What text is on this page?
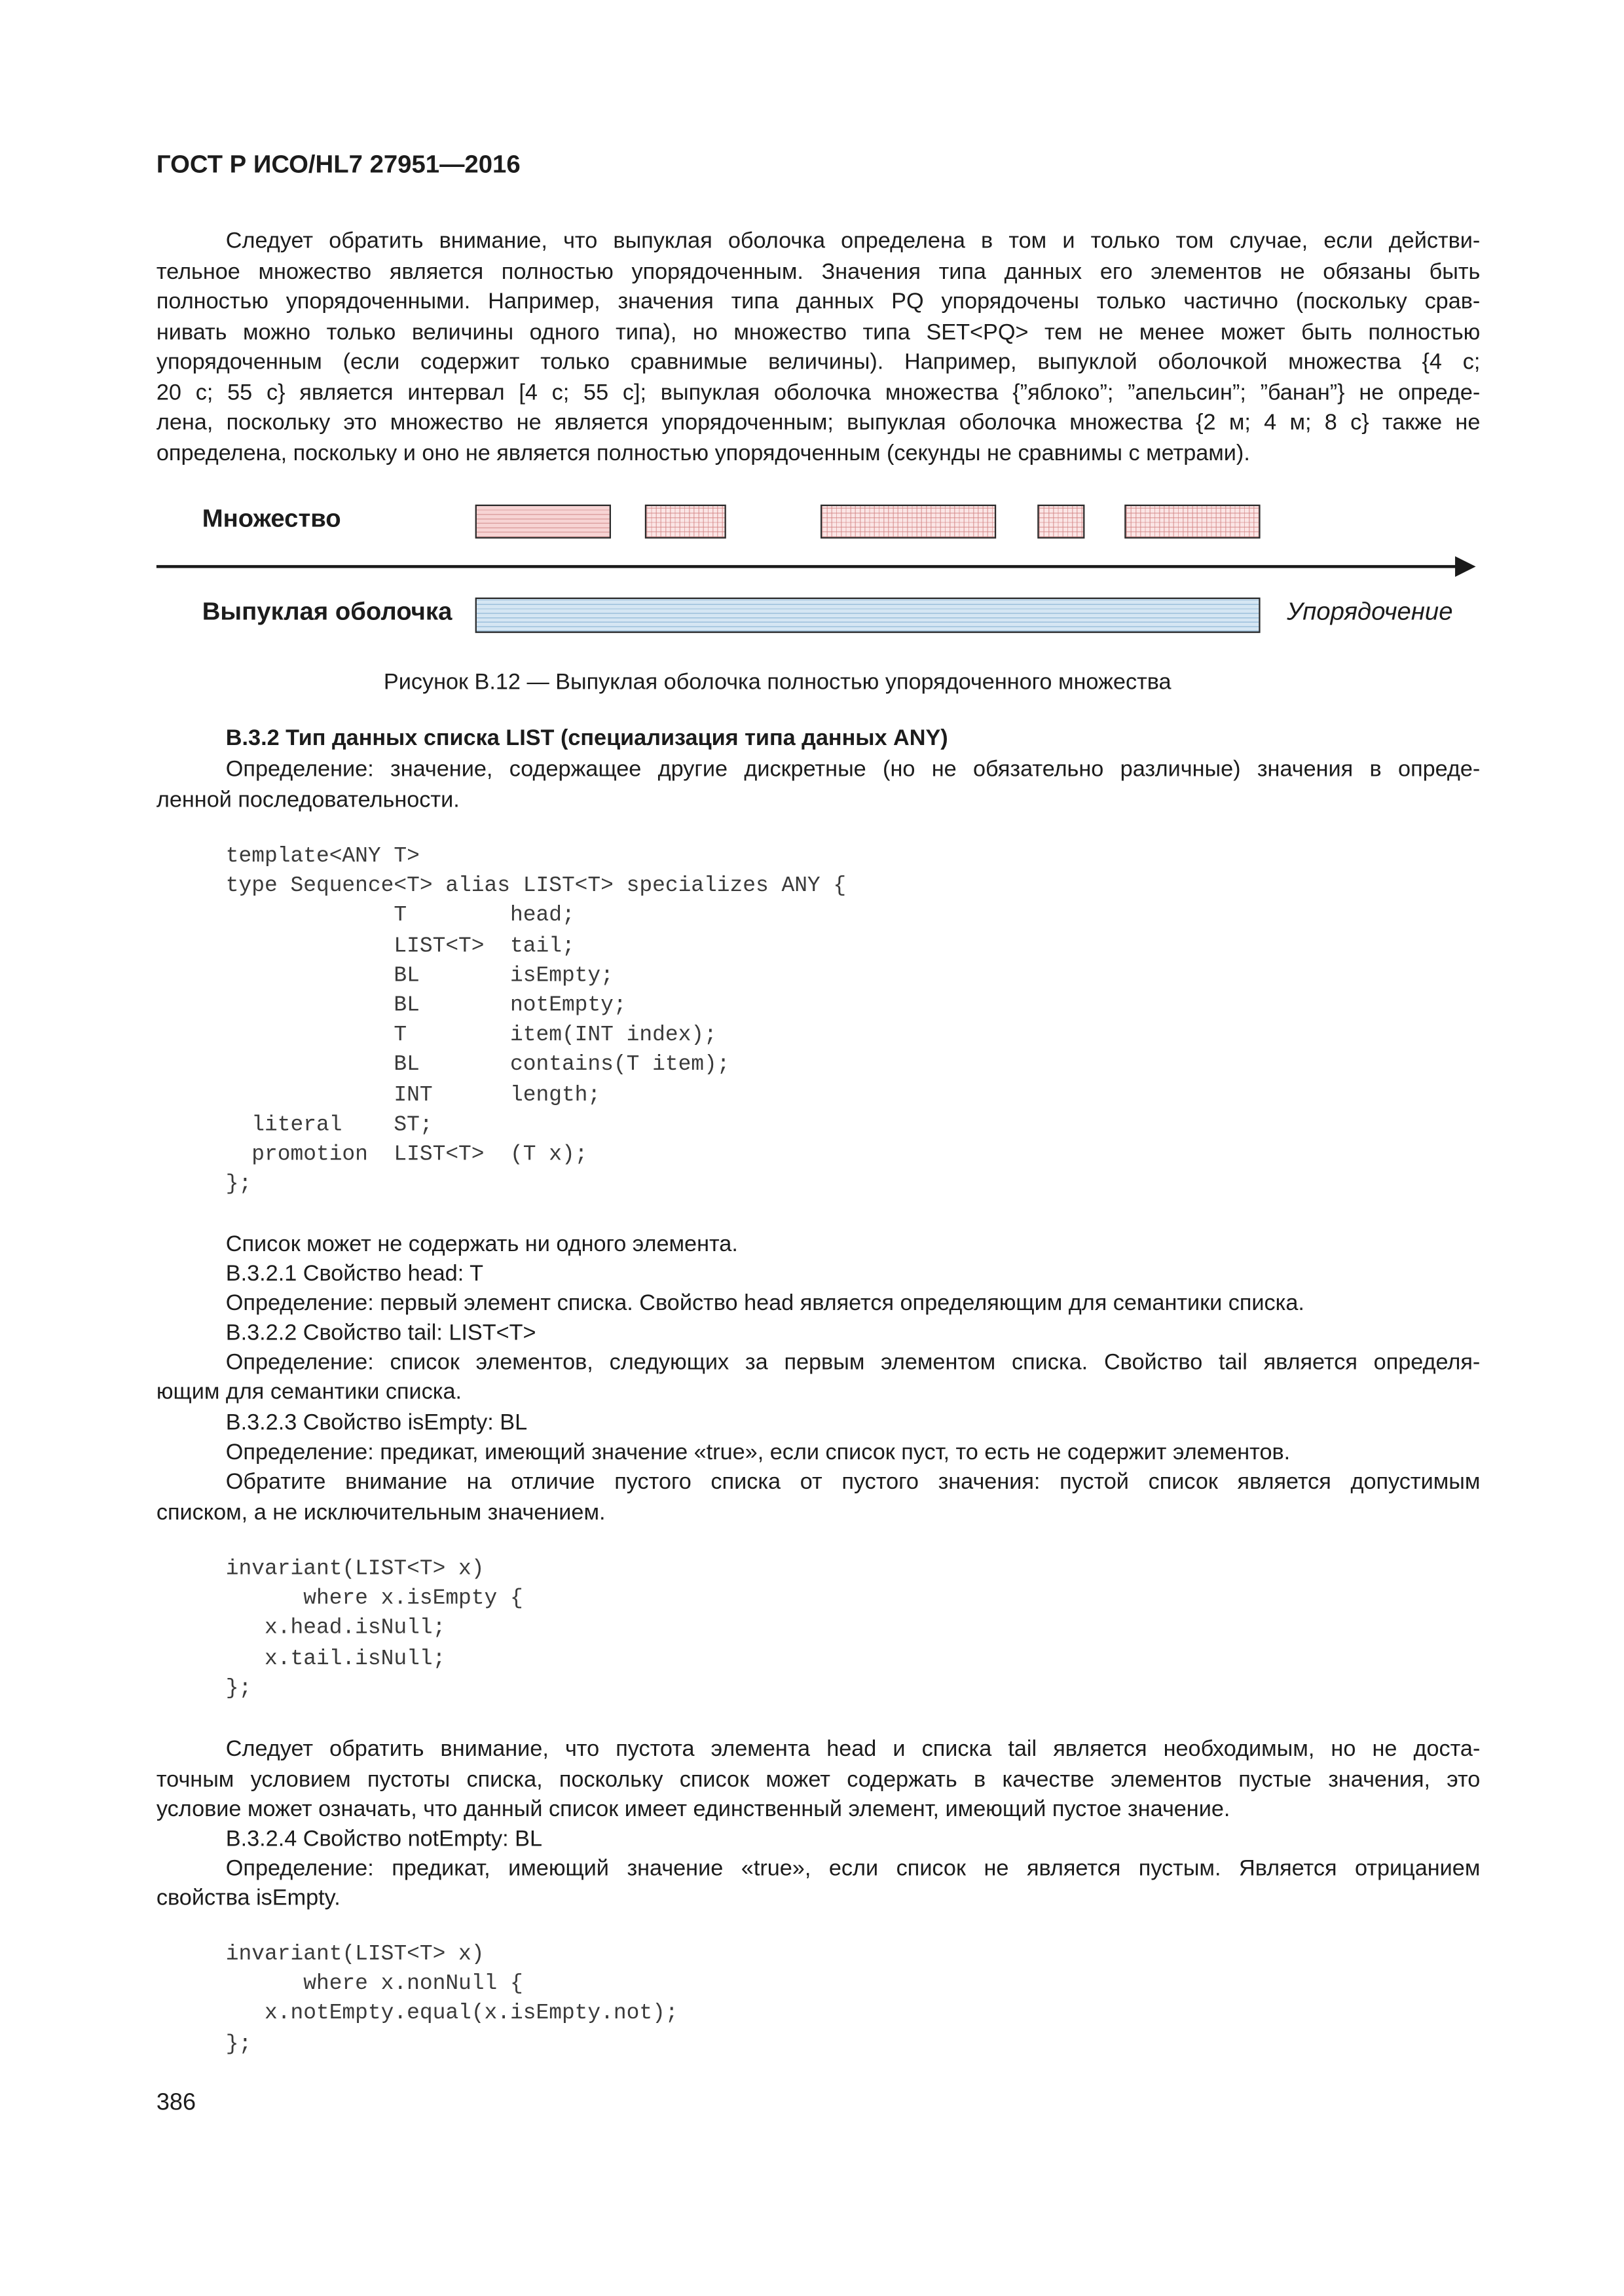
ГОСТ Р ИСО/HL7 27951—2016
Следует обратить внимание, что выпуклая оболочка определена в том и только том случае, если действи-
тельное множество является полностью упорядоченным. Значения типа данных его элементов не обязаны быть
полностью упорядоченными. Например, значения типа данных PQ упорядочены только частично (поскольку срав-
нивать можно только величины одного типа), но множество типа SET<PQ> тем не менее может быть полностью
упорядоченным (если содержит только сравнимые величины). Например, выпуклой оболочкой множества {4 c;
20 c; 55 c} является интервал [4 c; 55 c]; выпуклая оболочка множества {”яблоко”; ”апельсин”; ”банан”} не опреде-
лена, поскольку это множество не является упорядоченным; выпуклая оболочка множества {2 м; 4 м; 8 c} также не
определена, поскольку и оно не является полностью упорядоченным (секунды не сравнимы с метрами).
Множество
Выпуклая оболочка	Упорядочение
Рисунок В.12 — Выпуклая оболочка полностью упорядоченного множества
В.3.2 Тип данных списка LIST (специализация типа данных ANY)
Определение: значение, содержащее другие дискретные (но не обязательно различные) значения в опреде-
ленной последовательности.
template<ANY T>
type Sequence<T> alias LIST<T> specializes ANY {
T        head;
LIST<T>  tail;
BL       isEmpty;
BL       notEmpty;
T        item(INT index);
BL       contains(T item);
INT      length;
literal    ST;
promotion  LIST<T>  (T x);
};
Список может не содержать ни одного элемента.
В.3.2.1 Свойство head: T
Определение: первый элемент списка. Свойство head является определяющим для семантики списка.
В.3.2.2 Свойство tail: LIST<T>
Определение: список элементов, следующих за первым элементом списка. Свойство tail является определя-
ющим для семантики списка.
В.3.2.3 Свойство isEmpty: BL
Определение: предикат, имеющий значение «true», если список пуст, то есть не содержит элементов.
Обратите внимание на отличие пустого списка от пустого значения: пустой список является допустимым
списком, а не исключительным значением.
invariant(LIST<T> x)
where x.isEmpty {
x.head.isNull;
x.tail.isNull;
};
Следует обратить внимание, что пустота элемента head и списка tail является необходимым, но не доста-
точным условием пустоты списка, поскольку список может содержать в качестве элементов пустые значения, это
условие может означать, что данный список имеет единственный элемент, имеющий пустое значение.
В.3.2.4 Свойство notEmpty: BL
Определение: предикат, имеющий значение «true», если список не является пустым. Является отрицанием
свойства isEmpty.
invariant(LIST<T> x)
where x.nonNull {
x.notEmpty.equal(x.isEmpty.not);
};
386
